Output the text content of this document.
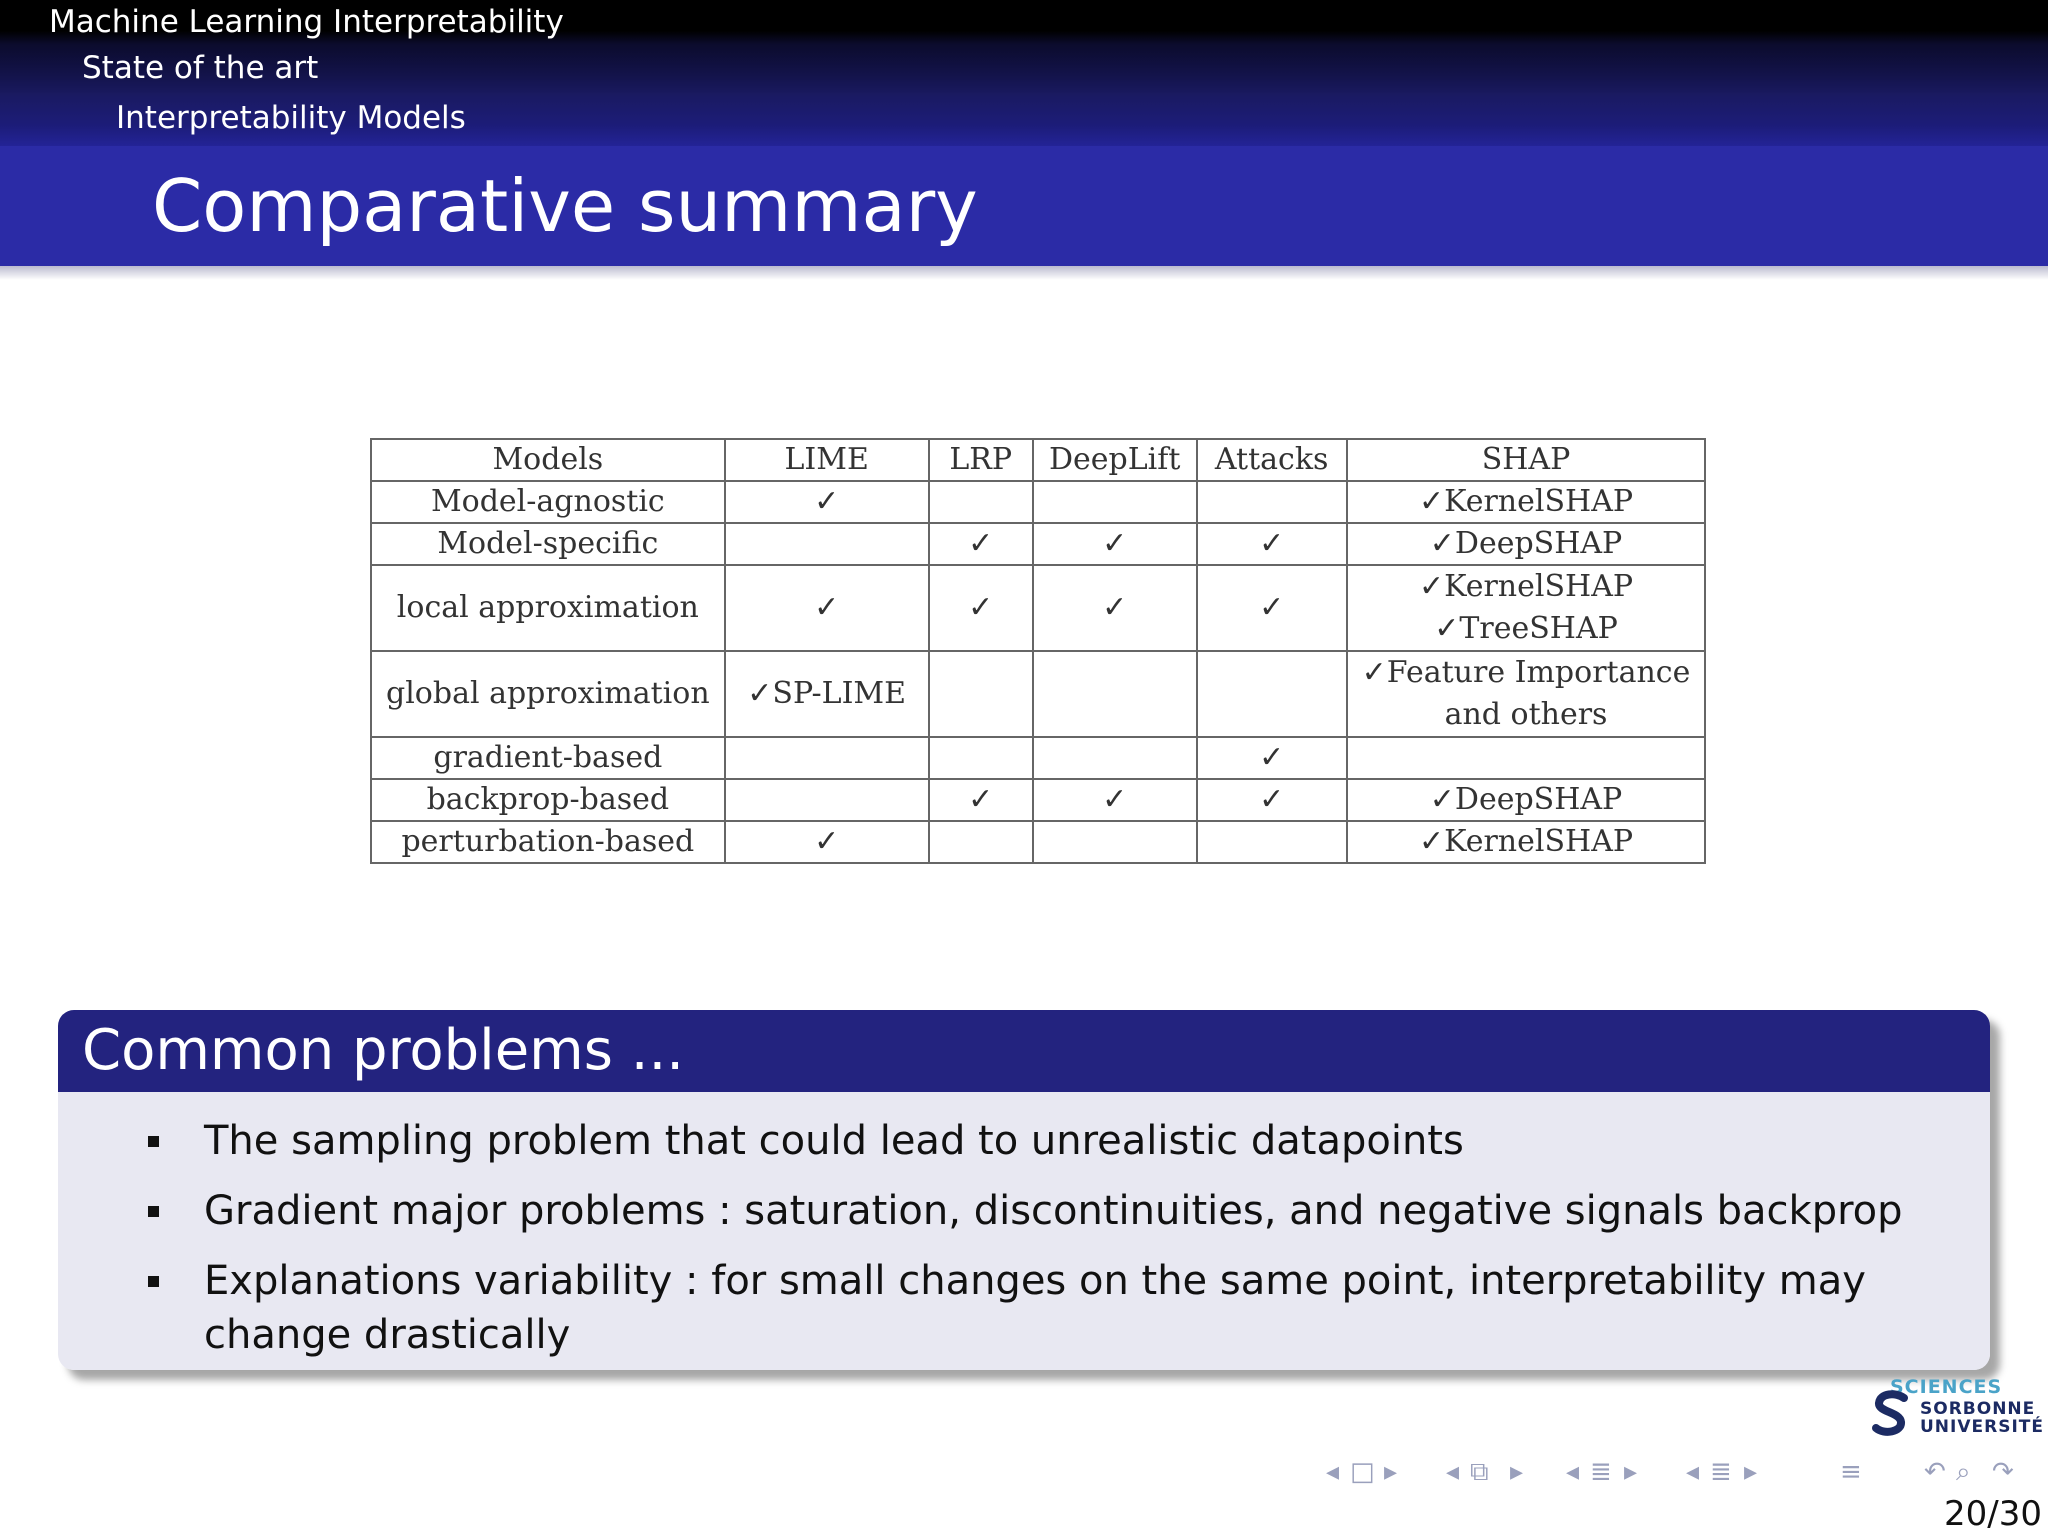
Machine Learning Interpretability
State of the art
Interpretability Models
Comparative summary
Models	LIME	LRP	DeepLift	Attacks	SHAP
Model-agnostic	✓				✓KernelSHAP
Model-specific		✓	✓	✓	✓DeepSHAP
local approximation	✓	✓	✓	✓	✓KernelSHAP
✓TreeSHAP

global approximation	✓SP-LIME				✓Feature Importance
and others

gradient-based				✓	
backprop-based		✓	✓	✓	✓DeepSHAP
perturbation-based	✓				✓KernelSHAP
Common problems ...
The sampling problem that could lead to unrealistic datapoints
Gradient major problems : saturation, discontinuities, and negative signals backprop
Explanations variability : for small changes on the same point, interpretability may change drastically
SCIENCES
SORBONNE
UNIVERSITÉ
◂ □ ▸ ◂ ⧉ ▸ ◂ ≣ ▸ ◂ ≣ ▸	≡ ↶ ⌕ ↷
20/30
